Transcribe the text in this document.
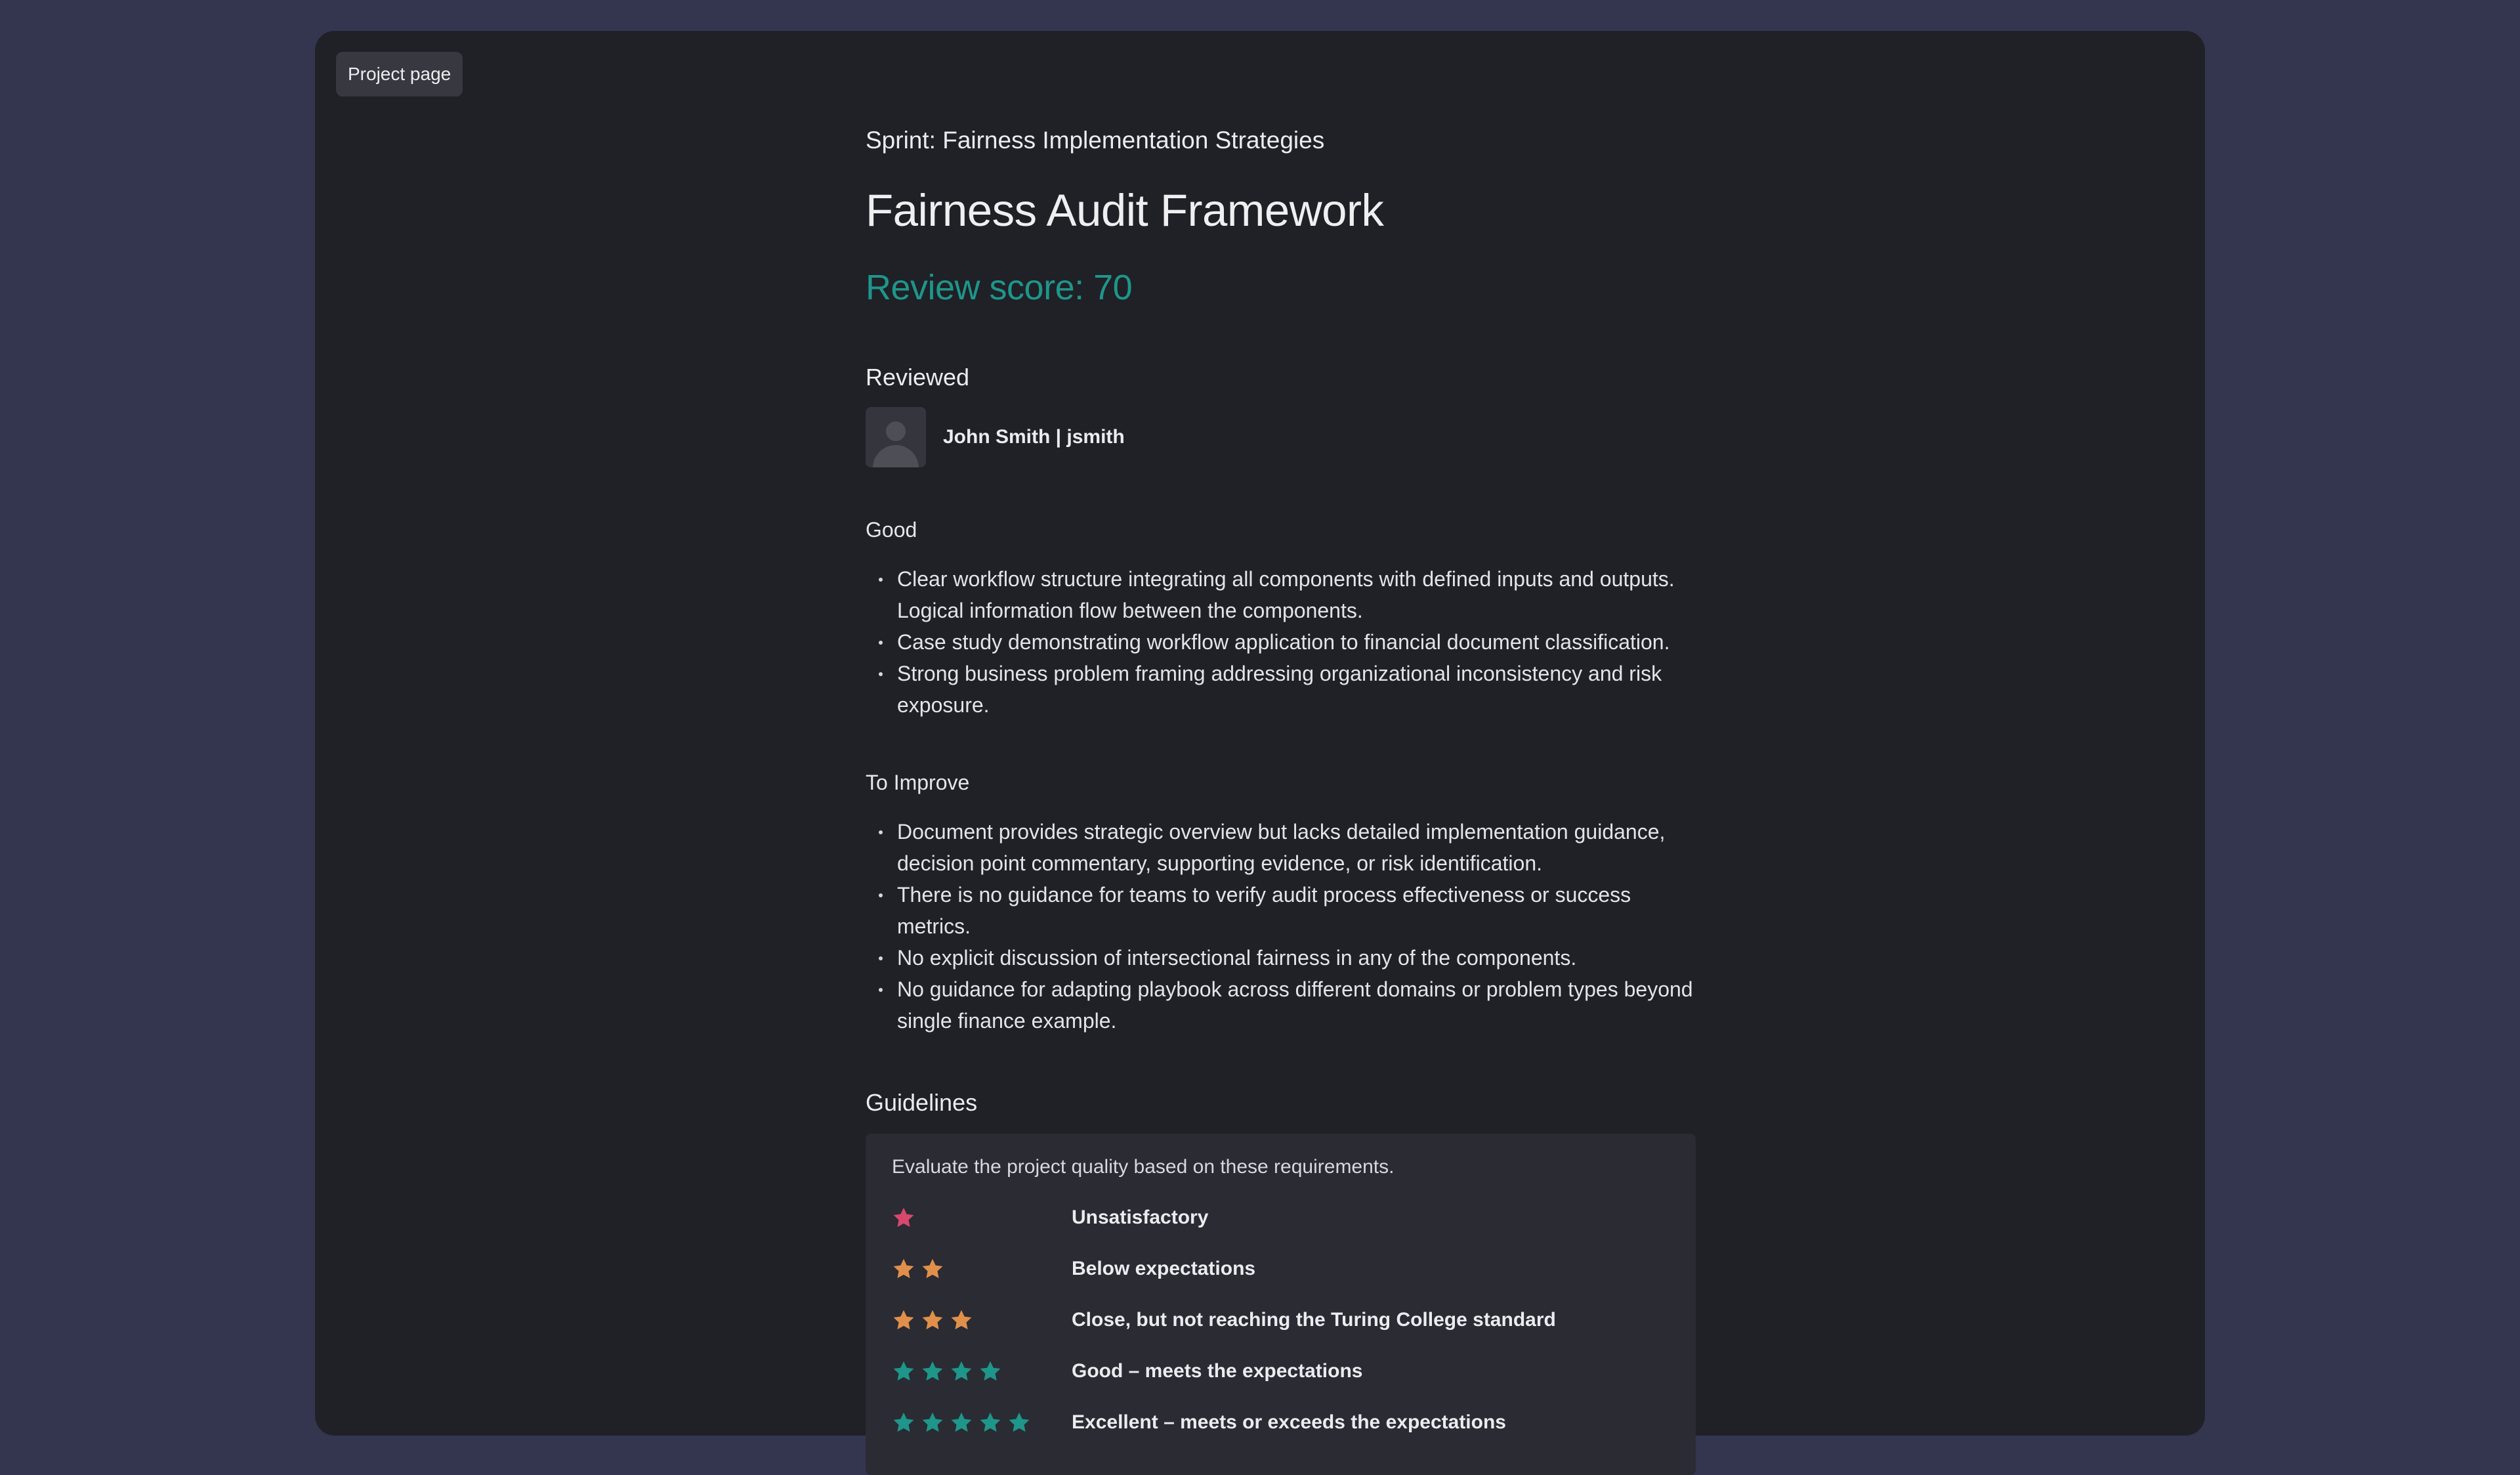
Project page
Sprint: Fairness Implementation Strategies
Fairness Audit Framework
Review score: 70
Reviewed
John Smith | jsmith
Good
Clear workflow structure integrating all components with defined inputs and outputs. Logical information flow between the components.
Case study demonstrating workflow application to financial document classification.
Strong business problem framing addressing organizational inconsistency and risk exposure.
To Improve
Document provides strategic overview but lacks detailed implementation guidance, decision point commentary, supporting evidence, or risk identification.
There is no guidance for teams to verify audit process effectiveness or success metrics.
No explicit discussion of intersectional fairness in any of the components.
No guidance for adapting playbook across different domains or problem types beyond single finance example.
Guidelines
Evaluate the project quality based on these requirements.
Unsatisfactory
Below expectations
Close, but not reaching the Turing College standard
Good – meets the expectations
Excellent – meets or exceeds the expectations
